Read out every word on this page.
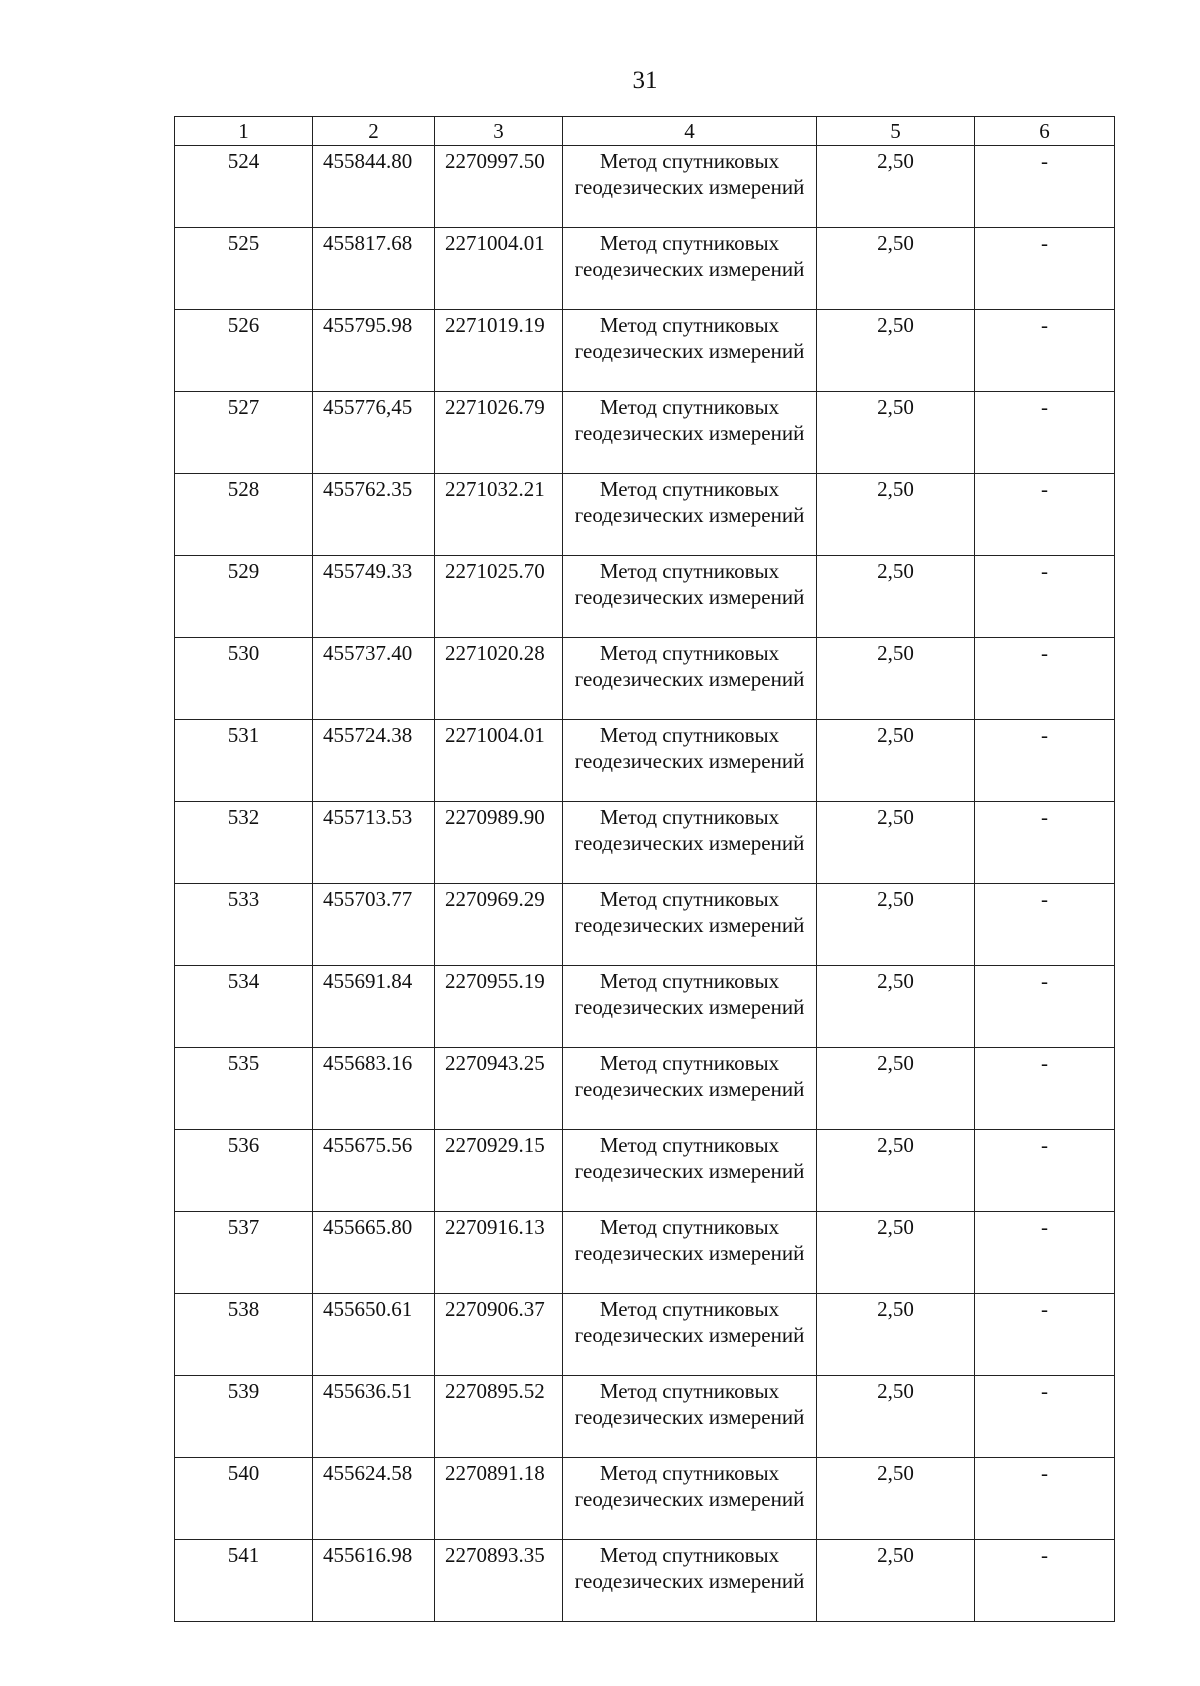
31
1	2	3	4	5	6
524	455844.80	2270997.50	Метод спутниковых геодезических измерений	2,50	-
525	455817.68	2271004.01	Метод спутниковых геодезических измерений	2,50	-
526	455795.98	2271019.19	Метод спутниковых геодезических измерений	2,50	-
527	455776,45	2271026.79	Метод спутниковых геодезических измерений	2,50	-
528	455762.35	2271032.21	Метод спутниковых геодезических измерений	2,50	-
529	455749.33	2271025.70	Метод спутниковых геодезических измерений	2,50	-
530	455737.40	2271020.28	Метод спутниковых геодезических измерений	2,50	-
531	455724.38	2271004.01	Метод спутниковых геодезических измерений	2,50	-
532	455713.53	2270989.90	Метод спутниковых геодезических измерений	2,50	-
533	455703.77	2270969.29	Метод спутниковых геодезических измерений	2,50	-
534	455691.84	2270955.19	Метод спутниковых геодезических измерений	2,50	-
535	455683.16	2270943.25	Метод спутниковых геодезических измерений	2,50	-
536	455675.56	2270929.15	Метод спутниковых геодезических измерений	2,50	-
537	455665.80	2270916.13	Метод спутниковых геодезических измерений	2,50	-
538	455650.61	2270906.37	Метод спутниковых геодезических измерений	2,50	-
539	455636.51	2270895.52	Метод спутниковых геодезических измерений	2,50	-
540	455624.58	2270891.18	Метод спутниковых геодезических измерений	2,50	-
541	455616.98	2270893.35	Метод спутниковых геодезических измерений	2,50	-
